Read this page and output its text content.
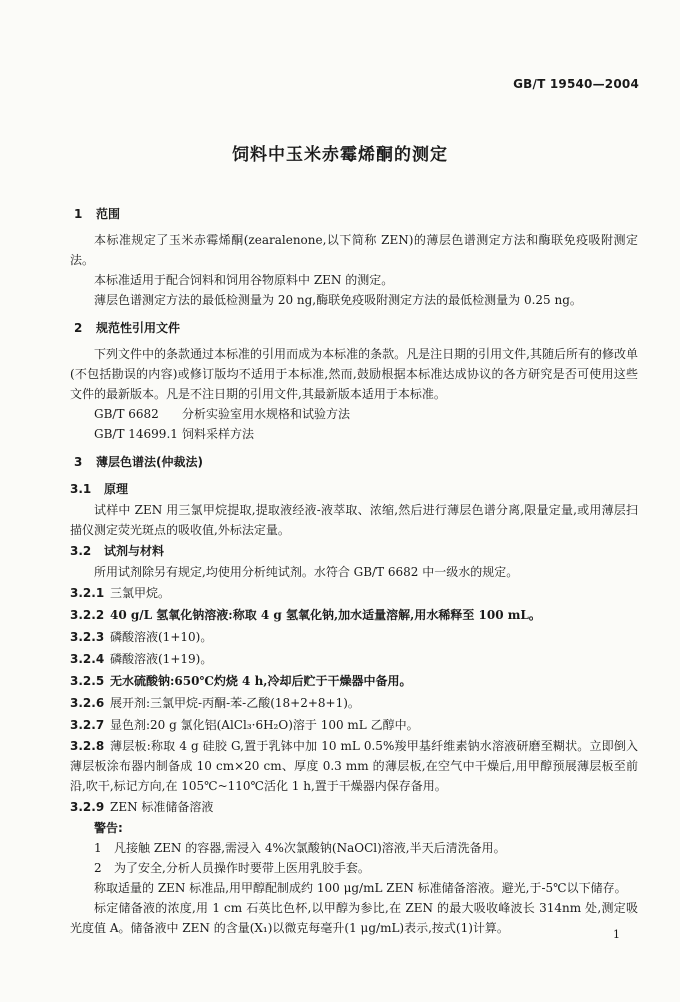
GB/T 19540—2004
饲料中玉米赤霉烯酮的测定
1 范围

本标准规定了玉米赤霉烯酮(zearalenone,以下简称 ZEN)的薄层色谱测定方法和酶联免疫吸附测定法。

本标准适用于配合饲料和饲用谷物原料中 ZEN 的测定。

薄层色谱测定方法的最低检测量为 20 ng,酶联免疫吸附测定方法的最低检测量为 0.25 ng。

2 规范性引用文件

下列文件中的条款通过本标准的引用而成为本标准的条款。凡是注日期的引用文件,其随后所有的修改单(不包括勘误的内容)或修订版均不适用于本标准,然而,鼓励根据本标准达成协议的各方研究是否可使用这些文件的最新版本。凡是不注日期的引用文件,其最新版本适用于本标准。

GB/T 6682 分析实验室用水规格和试验方法
GB/T 14699.1 饲料采样方法
3 薄层色谱法(仲裁法)
3.1 原理

试样中 ZEN 用三氯甲烷提取,提取液经液-液萃取、浓缩,然后进行薄层色谱分离,限量定量,或用薄层扫描仪测定荧光斑点的吸收值,外标法定量。

3.2 试剂与材料

所用试剂除另有规定,均使用分析纯试剂。水符合 GB/T 6682 中一级水的规定。

3.2.1 三氯甲烷。
3.2.2 40 g/L 氢氧化钠溶液:称取 4 g 氢氧化钠,加水适量溶解,用水稀释至 100 mL。
3.2.3 磷酸溶液(1+10)。
3.2.4 磷酸溶液(1+19)。
3.2.5 无水硫酸钠:650℃灼烧 4 h,冷却后贮于干燥器中备用。
3.2.6 展开剂:三氯甲烷-丙酮-苯-乙酸(18+2+8+1)。
3.2.7 显色剂:20 g 氯化铝(AlCl₃·6H₂O)溶于 100 mL 乙醇中。
3.2.8 薄层板:称取 4 g 硅胶 G,置于乳钵中加 10 mL 0.5%羧甲基纤维素钠水溶液研磨至糊状。立即倒入薄层板涂布器内制备成 10 cm×20 cm、厚度 0.3 mm 的薄层板,在空气中干燥后,用甲醇预展薄层板至前沿,吹干,标记方向,在 105℃~110℃活化 1 h,置于干燥器内保存备用。
3.2.9 ZEN 标准储备溶液
警告:
1 凡接触 ZEN 的容器,需浸入 4%次氯酸钠(NaOCl)溶液,半天后清洗备用。
2 为了安全,分析人员操作时要带上医用乳胶手套。

称取适量的 ZEN 标准品,用甲醇配制成约 100 μg/mL ZEN 标准储备溶液。避光,于-5℃以下储存。

标定储备液的浓度,用 1 cm 石英比色杯,以甲醇为参比,在 ZEN 的最大吸收峰波长 314nm 处,测定吸光度值 A。储备液中 ZEN 的含量(X₁)以微克每毫升(1 μg/mL)表示,按式(1)计算。	1
